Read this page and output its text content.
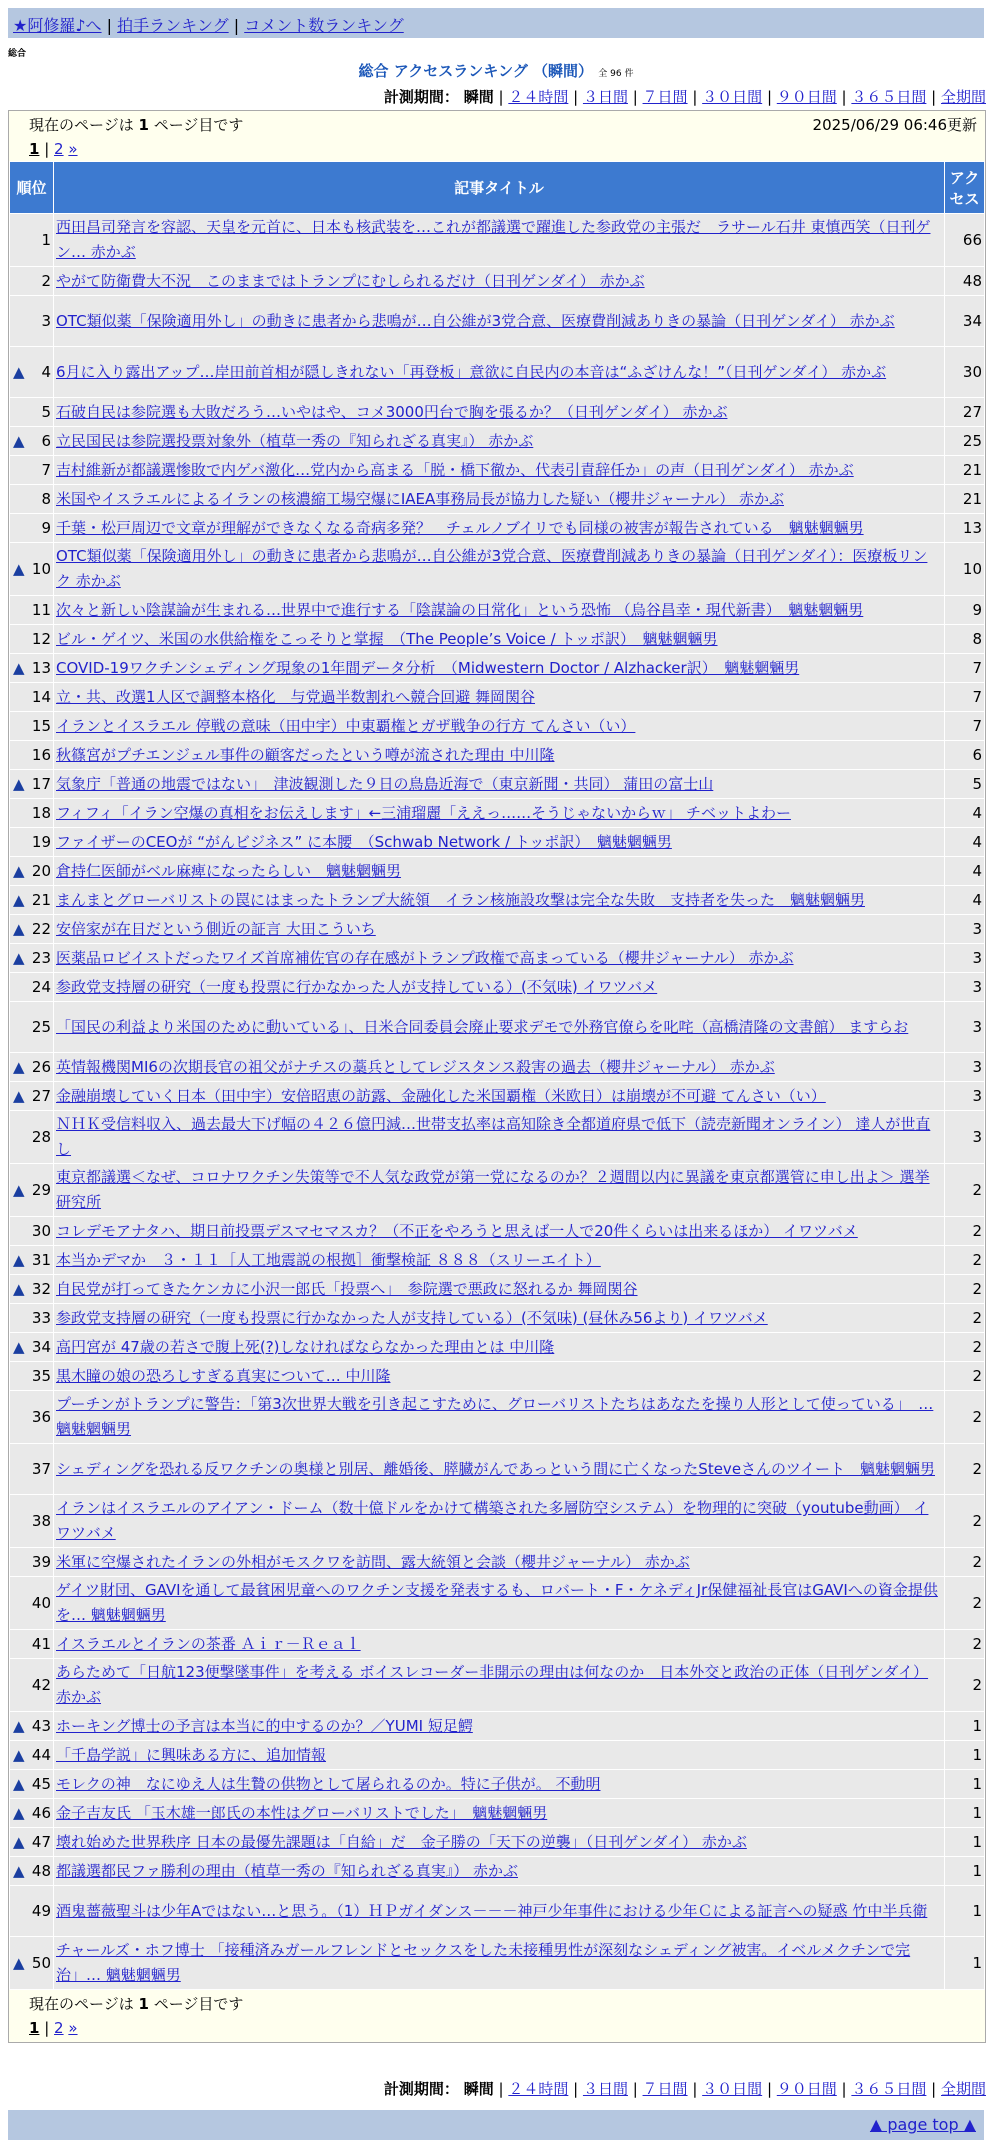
★阿修羅♪へ | 拍手ランキング | コメント数ランキング
総合
総合 アクセスランキング （瞬間） 全 96 件
計測期間： 瞬間 | ２４時間 | ３日間 | ７日間 | ３０日間 | ９０日間 | ３６５日間 | 全期間
現在のページは 1 ページ目です	2025/06/29 06:46更新
1 | 2 »
順位	記事タイトル	アクセス
1	西田昌司発言を容認、天皇を元首に、日本も核武装を…これが都議選で躍進した参政党の主張だ　ラサール石井 東慎西笑（日刊ゲン… 赤かぶ	66
2	やがて防衛費大不況　このままではトランプにむしられるだけ（日刊ゲンダイ） 赤かぶ	48
3	OTC類似薬「保険適用外し」の動きに患者から悲鳴が…自公維が3党合意、医療費削減ありきの暴論（日刊ゲンダイ） 赤かぶ	34

▲ 4	6月に入り露出アップ…岸田前首相が隠しきれない「再登板」意欲に自民内の本音は“ふざけんな！”（日刊ゲンダイ） 赤かぶ	30
5	石破自民は参院選も大敗だろう…いやはや、コメ3000円台で胸を張るか？（日刊ゲンダイ） 赤かぶ	27

▲ 6	立民国民は参院選投票対象外（植草一秀の『知られざる真実』） 赤かぶ	25
7	吉村維新が都議選惨敗で内ゲバ激化…党内から高まる「脱・橋下徹か、代表引責辞任か」の声（日刊ゲンダイ） 赤かぶ	21
8	米国やイスラエルによるイランの核濃縮工場空爆にIAEA事務局長が協力した疑い（櫻井ジャーナル） 赤かぶ	21
9	千葉・松戸周辺で文章が理解ができなくなる奇病多発？　チェルノブイリでも同様の被害が報告されている　魑魅魍魎男	13

▲ 10	OTC類似薬「保険適用外し」の動きに患者から悲鳴が…自公維が3党合意、医療費削減ありきの暴論（日刊ゲンダイ）：医療板リンク 赤かぶ	10
11	次々と新しい陰謀論が生まれる…世界中で進行する「陰謀論の日常化」という恐怖 （烏谷昌幸・現代新書）　魑魅魍魎男	9
12	ビル・ゲイツ、米国の水供給権をこっそりと掌握　（The People’s Voice / トッポ訳）　魑魅魍魎男	8

▲ 13	COVID-19ワクチンシェディング現象の1年間データ分析　（Midwestern Doctor / Alzhacker訳）　魑魅魍魎男	7
14	立・共、改選1人区で調整本格化　与党過半数割れへ競合回避 舞岡関谷	7
15	イランとイスラエル 停戦の意味（田中宇）中東覇権とガザ戦争の行方 てんさい（い）	7
16	秋篠宮がプチエンジェル事件の顧客だったという噂が流された理由 中川隆	6

▲ 17	気象庁「普通の地震ではない」　津波観測した９日の鳥島近海で（東京新聞・共同） 蒲田の富士山	5
18	フィフィ「イラン空爆の真相をお伝えします」←三浦瑠麗「ええっ……そうじゃないからｗ」 チベットよわー	4
19	ファイザーのCEOが “がんビジネス” に本腰　（Schwab Network / トッポ訳）　魑魅魍魎男	4

▲ 20	倉持仁医師がベル麻痺になったらしい　魑魅魍魎男	4

▲ 21	まんまとグローバリストの罠にはまったトランプ大統領　イラン核施設攻撃は完全な失敗　支持者を失った　魑魅魍魎男	4

▲ 22	安倍家が在日だという側近の証言 大田こういち	3

▲ 23	医薬品ロビイストだったワイズ首席補佐官の存在感がトランプ政権で高まっている（櫻井ジャーナル） 赤かぶ	3
24	参政党支持層の研究（一度も投票に行かなかった人が支持している）(不気味) イワツバメ	3
25	「国民の利益より米国のために動いている」、日米合同委員会廃止要求デモで外務官僚らを叱咤（高橋清隆の文書館） ますらお	3

▲ 26	英情報機関MI6の次期長官の祖父がナチスの藁兵としてレジスタンス殺害の過去（櫻井ジャーナル） 赤かぶ	3

▲ 27	金融崩壊していく日本（田中宇）安倍昭恵の訪露、金融化した米国覇権（米欧日）は崩壊が不可避 てんさい（い）	3
28	ＮＨＫ受信料収入、過去最大下げ幅の４２６億円減…世帯支払率は高知除き全都道府県で低下（読売新聞オンライン） 達人が世直し	3

▲ 29	東京都議選＜なぜ、コロナワクチン失策等で不人気な政党が第一党になるのか？２週間以内に異議を東京都選管に申し出よ＞ 選挙研究所	2
30	コレデモアナタハ、期日前投票デスマセマスカ？（不正をやろうと思えば一人で20件くらいは出来るほか） イワツバメ	2

▲ 31	本当かデマか　３・１１［人工地震説の根拠］衝撃検証 ８８８（スリーエイト）	2

▲ 32	自民党が打ってきたケンカに小沢一郎氏「投票へ」　参院選で悪政に怒れるか 舞岡関谷	2
33	参政党支持層の研究（一度も投票に行かなかった人が支持している）(不気味) (昼休み56より) イワツバメ	2

▲ 34	高円宮が 47歳の若さで腹上死(?)しなければならなかった理由とは 中川隆	2
35	黒木瞳の娘の恐ろしすぎる真実について… 中川隆	2
36	プーチンがトランプに警告：「第3次世界大戦を引き起こすために、グローバリストたちはあなたを操り人形として使っている」　… 魑魅魍魎男	2
37	シェディングを恐れる反ワクチンの奥様と別居、離婚後、膵臓がんであっという間に亡くなったSteveさんのツイート　魑魅魍魎男	2
38	イランはイスラエルのアイアン・ドーム（数十億ドルをかけて構築された多層防空システム）を物理的に突破（youtube動画） イワツバメ	2
39	米軍に空爆されたイランの外相がモスクワを訪問、露大統領と会談（櫻井ジャーナル） 赤かぶ	2
40	ゲイツ財団、GAVIを通して最貧困児童へのワクチン支援を発表するも、ロバート・F・ケネディJr保健福祉長官はGAVIへの資金提供を… 魑魅魍魎男	2
41	イスラエルとイランの茶番 Ａｉｒ－Ｒｅａｌ	2
42	あらためて「日航123便撃墜事件」を考える ボイスレコーダー非開示の理由は何なのか　日本外交と政治の正体（日刊ゲンダイ） 赤かぶ	2

▲ 43	ホーキング博士の予言は本当に的中するのか？／YUMI 短足鰐	1

▲ 44	「千島学説」に興味ある方に、追加情報	1

▲ 45	モレクの神　なにゆえ人は生贄の供物として屠られるのか。特に子供が。 不動明	1

▲ 46	金子吉友氏 「玉木雄一郎氏の本性はグローバリストでした」　魑魅魍魎男	1

▲ 47	壊れ始めた世界秩序 日本の最優先課題は「自給」だ　金子勝の「天下の逆襲」（日刊ゲンダイ） 赤かぶ	1

▲ 48	都議選都民ファ勝利の理由（植草一秀の『知られざる真実』） 赤かぶ	1
49	酒鬼薔薇聖斗は少年Aではない…と思う。（1）ＨＰガイダンス－－－神戸少年事件における少年Ｃによる証言への疑惑 竹中半兵衛	1

▲ 50	チャールズ・ホフ博士 「接種済みガールフレンドとセックスをした未接種男性が深刻なシェディング被害。イベルメクチンで完治」… 魑魅魍魎男	1
現在のページは 1 ページ目です
1 | 2 »
計測期間： 瞬間 | ２４時間 | ３日間 | ７日間 | ３０日間 | ９０日間 | ３６５日間 | 全期間
▲ page top ▲
